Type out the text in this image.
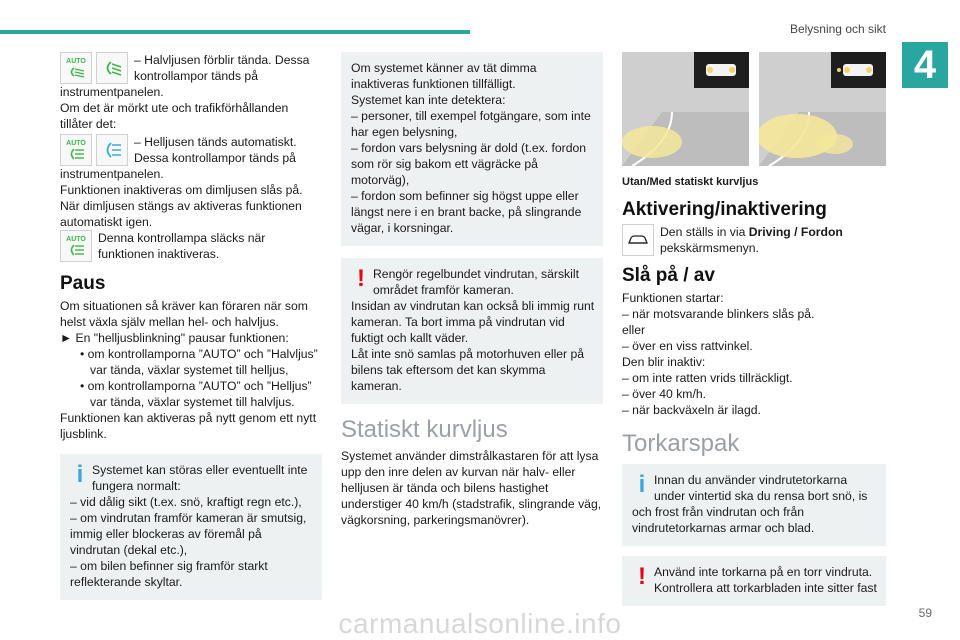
Belysning och sikt
4
AUTO	– Halvljusen förblir tända. Dessa kontrollampor tänds på

instrumentpanelen.

Om det är mörkt ute och trafikförhållanden tillåter det:

AUTO	– Helljusen tänds automatiskt. Dessa kontrollampor tänds på

instrumentpanelen.

Funktionen inaktiveras om dimljusen slås på.

När dimljusen stängs av aktiveras funktionen automatiskt igen.

AUTO Denna kontrollampa släcks när funktionen inaktiveras.
Paus

Om situationen så kräver kan föraren när som helst växla själv mellan hel- och halvljus.

► En "helljusblinkning" pausar funktionen:

• om kontrollamporna ”AUTO” och ”Halvljus” var tända, växlar systemet till helljus,

• om kontrollamporna ”AUTO” och ”Helljus” var tända, växlar systemet till halvljus.

Funktionen kan aktiveras på nytt genom ett nytt ljusblink.

i Systemet kan störas eller eventuellt inte fungera normalt:

– vid dålig sikt (t.ex. snö, kraftigt regn etc.),

– om vindrutan framför kameran är smutsig, immig eller blockeras av föremål på vindrutan (dekal etc.),

– om bilen befinner sig framför starkt reflekterande skyltar.

Om systemet känner av tät dimma inaktiveras funktionen tillfälligt.

Systemet kan inte detektera:

– personer, till exempel fotgängare, som inte har egen belysning,

– fordon vars belysning är dold (t.ex. fordon som rör sig bakom ett vägräcke på motorväg),

– fordon som befinner sig högst uppe eller längst nere i en brant backe, på slingrande vägar, i korsningar.

! Rengör regelbundet vindrutan, särskilt området framför kameran.

Insidan av vindrutan kan också bli immig runt kameran. Ta bort imma på vindrutan vid fuktigt och kallt väder.

Låt inte snö samlas på motorhuven eller på bilens tak eftersom det kan skymma kameran.

Statiskt kurvljus

Systemet använder dimstrålkastaren för att lysa upp den inre delen av kurvan när halv- eller helljusen är tända och bilens hastighet understiger 40 km/h (stadstrafik, slingrande väg, vägkorsning, parkeringsmanövrer).

Utan/Med statiskt kurvljus
Aktivering/inaktivering
Den ställs in via Driving / Fordon pekskärmsmenyn.
Slå på / av

Funktionen startar:

– när motsvarande blinkers slås på.

eller

– över en viss rattvinkel.

Den blir inaktiv:

– om inte ratten vrids tillräckligt.

– över 40 km/h.

– när backväxeln är ilagd.

Torkarspak
i Innan du använder vindrutetorkarna under vintertid ska du rensa bort snö, is

och frost från vindrutan och från vindrutetorkarnas armar och blad.

! Använd inte torkarna på en torr vindruta. Kontrollera att torkarbladen inte sitter fast

59
carmanualsonline.info
